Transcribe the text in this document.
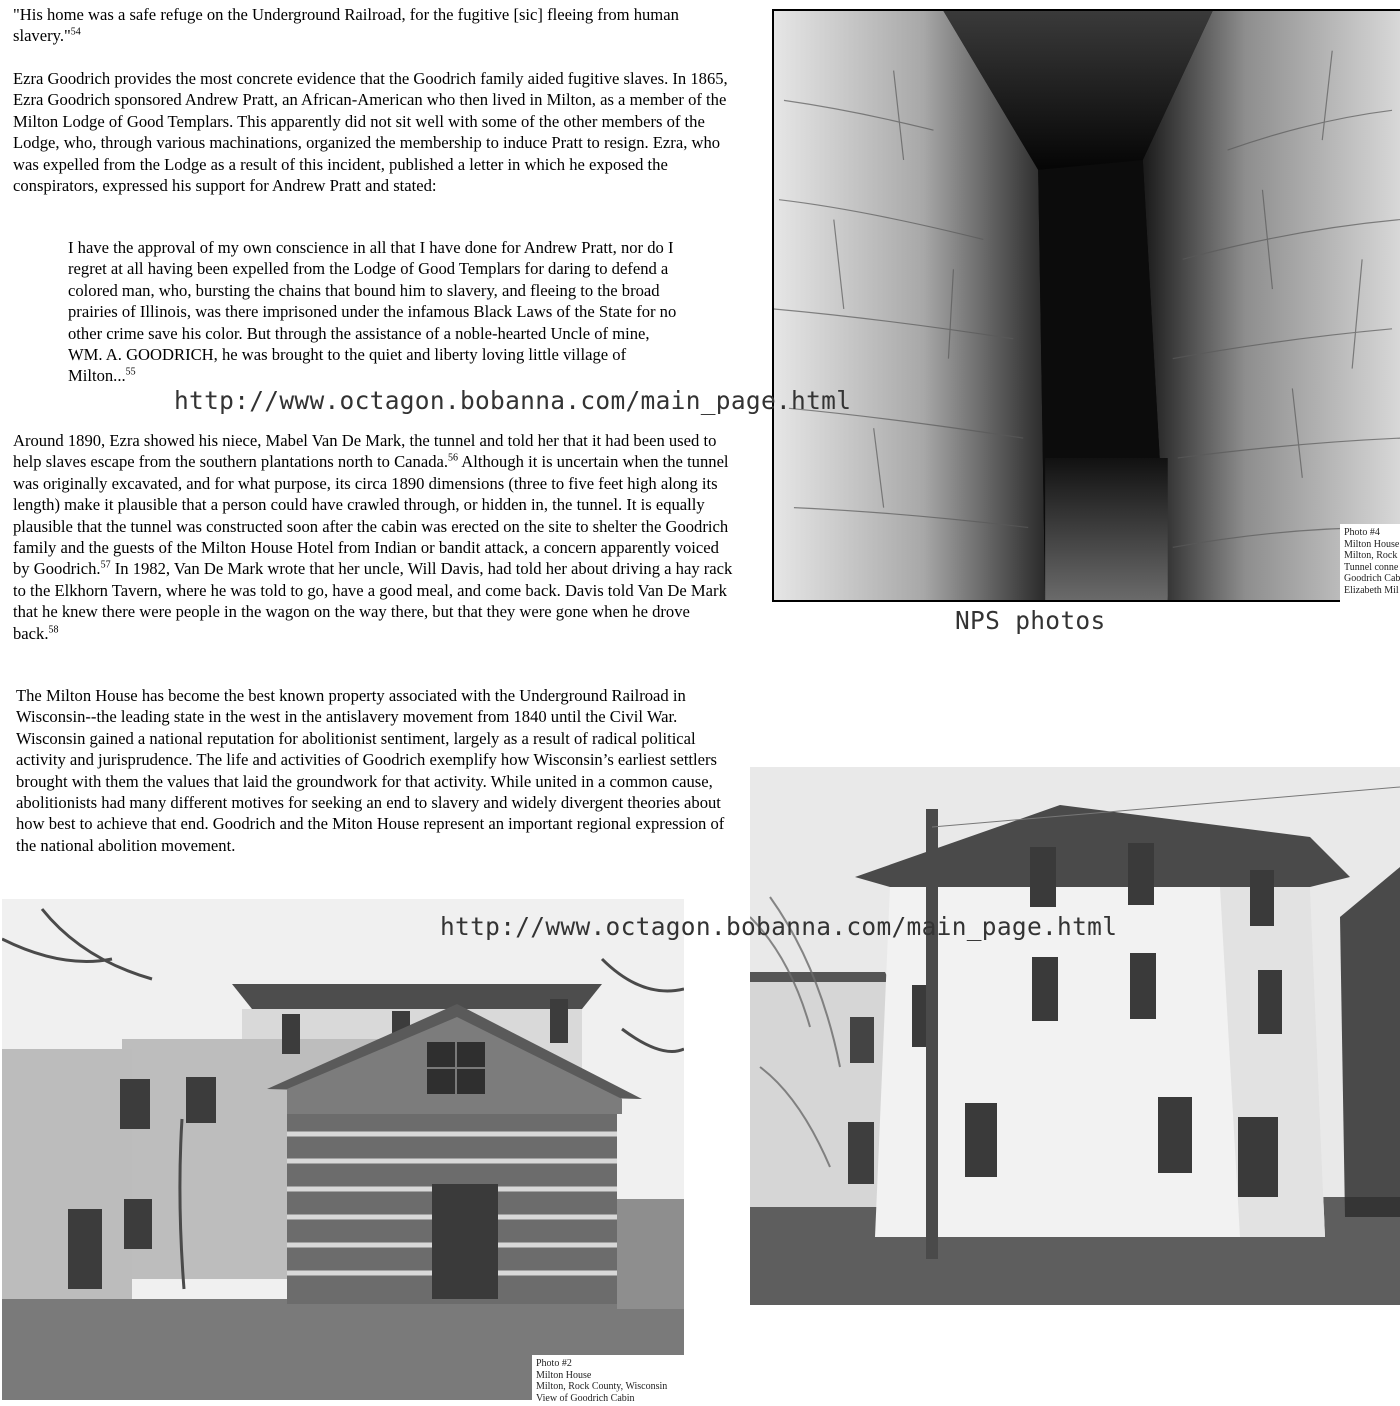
"His home was a safe refuge on the Underground Railroad, for the fugitive [sic] fleeing from human slavery."$^{54}$

Ezra Goodrich provides the most concrete evidence that the Goodrich family aided fugitive slaves. In 1865, Ezra Goodrich sponsored Andrew Pratt, an African-American who then lived in Milton, as a member of the Milton Lodge of Good Templars. This apparently did not sit well with some of the other members of the Lodge, who, through various machinations, organized the membership to induce Pratt to resign. Ezra, who was expelled from the Lodge as a result of this incident, published a letter in which he exposed the conspirators, expressed his support for Andrew Pratt and stated:

I have the approval of my own conscience in all that I have done for Andrew Pratt, nor do I regret at all having been expelled from the Lodge of Good Templars for daring to defend a colored man, who, bursting the chains that bound him to slavery, and fleeing to the broad prairies of Illinois, was there imprisoned under the infamous Black Laws of the State for no other crime save his color. But through the assistance of a noble-hearted Uncle of mine, WM. A. GOODRICH, he was brought to the quiet and liberty loving little village of Milton...$^{55}$

Around 1890, Ezra showed his niece, Mabel Van De Mark, the tunnel and told her that it had been used to help slaves escape from the southern plantations north to Canada.$^{56}$ Although it is uncertain when the tunnel was originally excavated, and for what purpose, its circa 1890 dimensions (three to five feet high along its length) make it plausible that a person could have crawled through, or hidden in, the tunnel. It is equally plausible that the tunnel was constructed soon after the cabin was erected on the site to shelter the Goodrich family and the guests of the Milton House Hotel from Indian or bandit attack, a concern apparently voiced by Goodrich.$^{57}$ In 1982, Van De Mark wrote that her uncle, Will Davis, had told her about driving a hay rack to the Elkhorn Tavern, where he was told to go, have a good meal, and come back. Davis told Van De Mark that he knew there were people in the wagon on the way there, but that they were gone when he drove back.$^{58}$

The Milton House has become the best known property associated with the Underground Railroad in Wisconsin--the leading state in the west in the antislavery movement from 1840 until the Civil War. Wisconsin gained a national reputation for abolitionist sentiment, largely as a result of radical political activity and jurisprudence. The life and activities of Goodrich exemplify how Wisconsin’s earliest settlers brought with them the values that laid the groundwork for that activity. While united in a common cause, abolitionists had many different motives for seeking an end to slavery and widely divergent theories about how best to achieve that end. Goodrich and the Miton House represent an important regional expression of the national abolition movement.

Photo #4
Milton House
Milton, Rock
Tunnel conne
Goodrich Cab
Elizabeth Mil
NPS photos
Photo #2
Milton House
Milton, Rock County, Wisconsin
View of Goodrich Cabin
http://www.octagon.bobanna.com/main_page.html
http://www.octagon.bobanna.com/main_page.html
